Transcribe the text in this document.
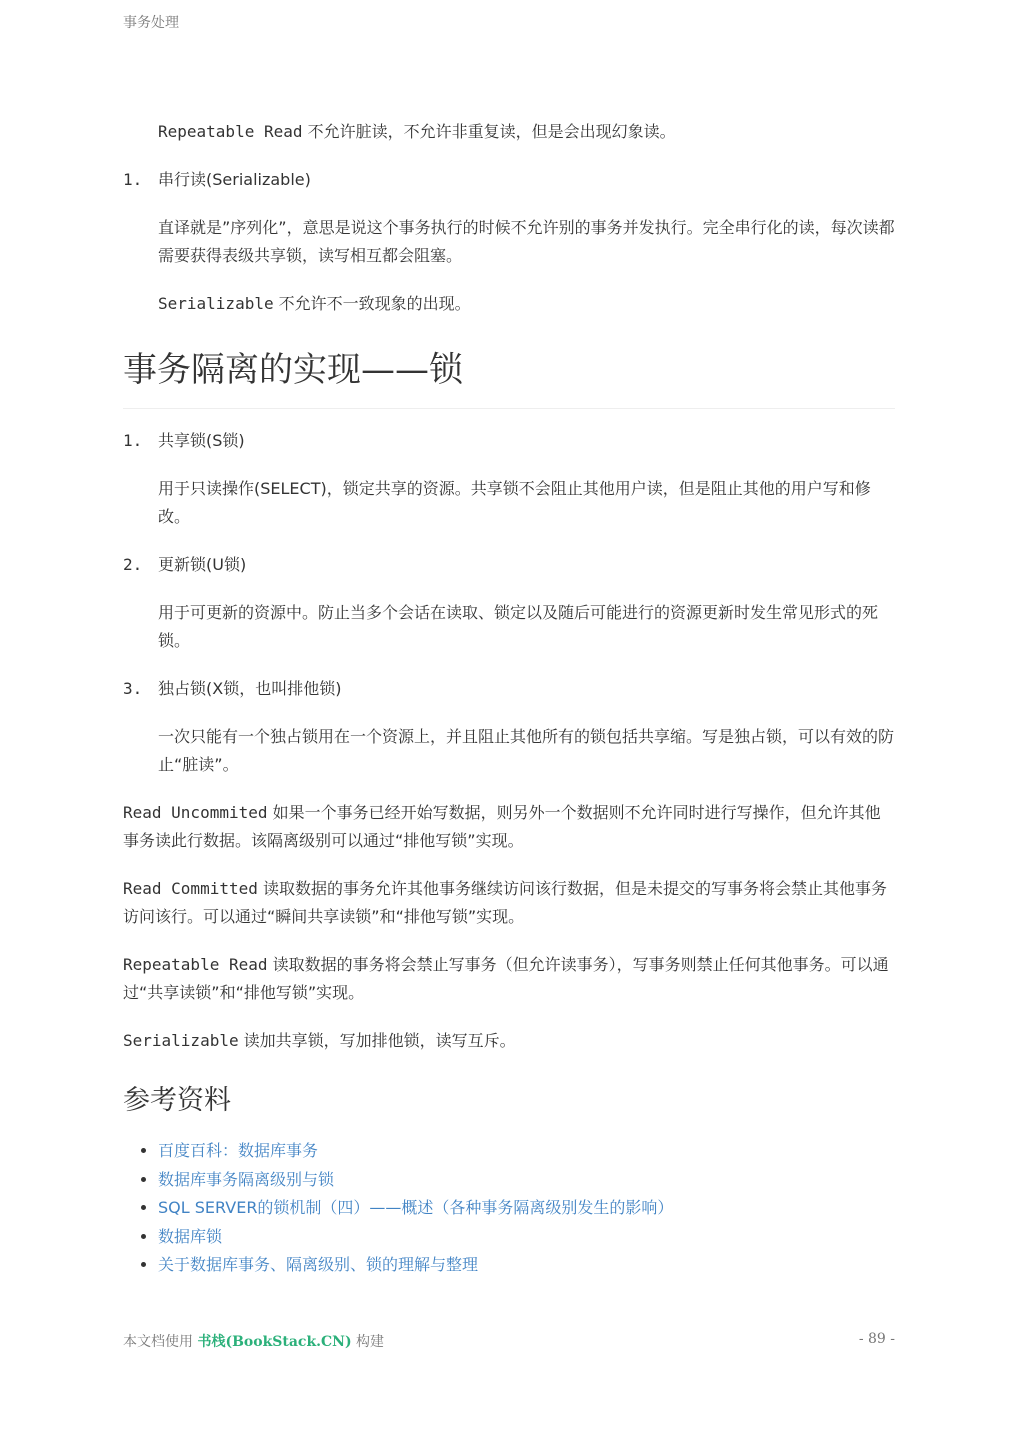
事务处理

Repeatable Read 不允许脏读，不允许非重复读，但是会出现幻象读。

1. 串行读(Serializable)

直译就是”序列化”，意思是说这个事务执行的时候不允许别的事务并发执行。完全串行化的读，每次读都需要获得表级共享锁，读写相互都会阻塞。

Serializable 不允许不一致现象的出现。

事务隔离的实现——锁
1. 共享锁(S锁)

用于只读操作(SELECT)，锁定共享的资源。共享锁不会阻止其他用户读，但是阻止其他的用户写和修改。

2. 更新锁(U锁)

用于可更新的资源中。防止当多个会话在读取、锁定以及随后可能进行的资源更新时发生常见形式的死锁。

3. 独占锁(X锁，也叫排他锁)

一次只能有一个独占锁用在一个资源上，并且阻止其他所有的锁包括共享缩。写是独占锁，可以有效的防止“脏读”。

Read Uncommited 如果一个事务已经开始写数据，则另外一个数据则不允许同时进行写操作，但允许其他事务读此行数据。该隔离级别可以通过“排他写锁”实现。

Read Committed 读取数据的事务允许其他事务继续访问该行数据，但是未提交的写事务将会禁止其他事务访问该行。可以通过“瞬间共享读锁”和“排他写锁”实现。

Repeatable Read 读取数据的事务将会禁止写事务（但允许读事务），写事务则禁止任何其他事务。可以通过“共享读锁”和“排他写锁”实现。

Serializable 读加共享锁，写加排他锁，读写互斥。

参考资料
• 百度百科：数据库事务
• 数据库事务隔离级别与锁
• SQL SERVER的锁机制（四）——概述（各种事务隔离级别发生的影响）
• 数据库锁
• 关于数据库事务、隔离级别、锁的理解与整理
本文档使用 书栈(BookStack.CN) 构建	- 89 -
